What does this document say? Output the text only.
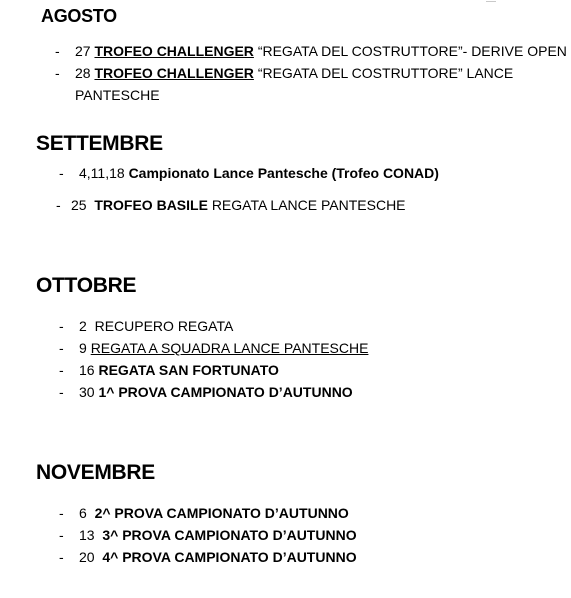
AGOSTO

- 27 TROFEO CHALLENGER “REGATA DEL COSTRUTTORE”- DERIVE OPEN

- 28 TROFEO CHALLENGER “REGATA DEL COSTRUTTORE” LANCE

PANTESCHE

SETTEMBRE

- 4,11,18 Campionato Lance Pantesche (Trofeo CONAD)

- 25 TROFEO BASILE REGATA LANCE PANTESCHE

OTTOBRE

- 2 RECUPERO REGATA

- 9 REGATA A SQUADRA LANCE PANTESCHE

- 16 REGATA SAN FORTUNATO

- 30 1^ PROVA CAMPIONATO D’AUTUNNO

NOVEMBRE

- 6 2^ PROVA CAMPIONATO D’AUTUNNO

- 13 3^ PROVA CAMPIONATO D’AUTUNNO

- 20 4^ PROVA CAMPIONATO D’AUTUNNO
